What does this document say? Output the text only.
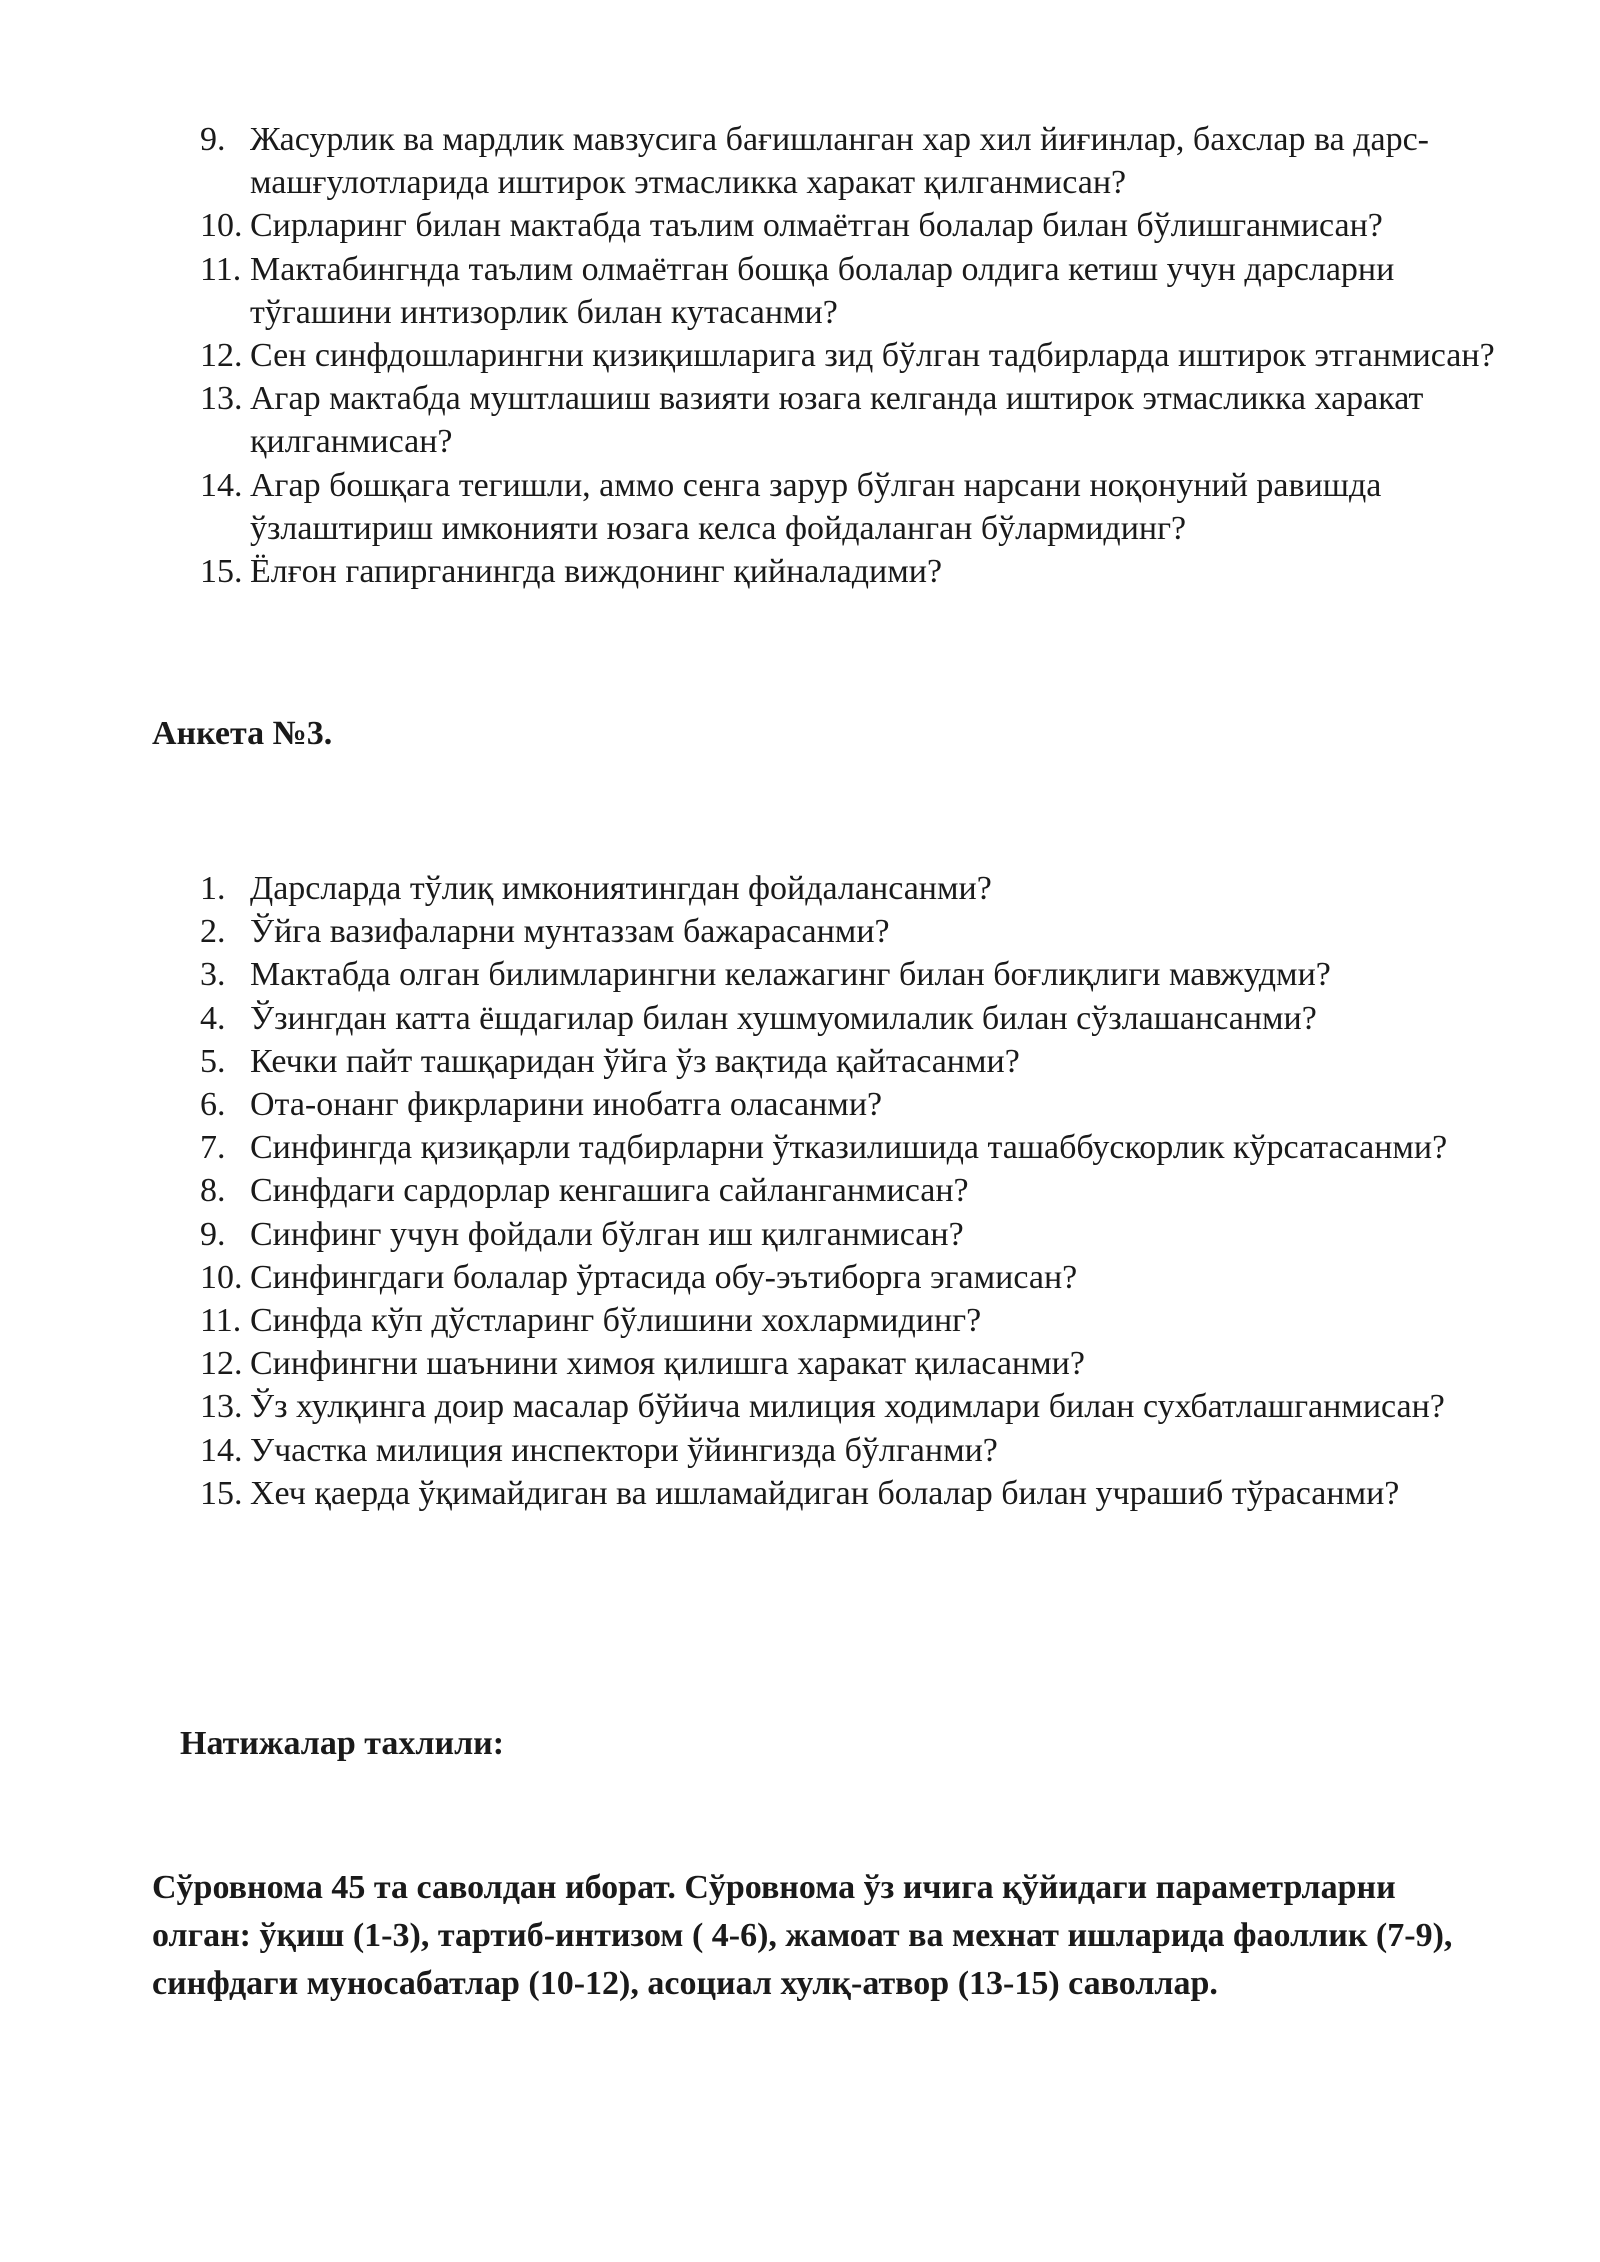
9. Жасурлик ва мардлик мавзусига бағишланган хар хил йиғинлар, бахслар ва дарс-машғулотларида иштирок этмасликка харакат қилганмисан?
10. Сирларинг билан мактабда таълим олмаётган болалар билан бўлишганмисан?
11. Мактабингнда таълим олмаётган бошқа болалар олдига кетиш учун дарсларни тўгашини интизорлик билан кутасанми?
12. Сен синфдошларингни қизиқишларига зид бўлган тадбирларда иштирок этганмисан?
13. Агар мактабда муштлашиш вазияти юзага келганда иштирок этмасликка харакат қилганмисан?
14. Агар бошқага тегишли, аммо сенга зарур бўлган нарсани ноқонуний равишда ўзлаштириш имконияти юзага келса фойдаланган бўлармидинг?
15. Ёлғон гапирганингда виждонинг қийналадими?
Анкета №3.
1. Дарсларда тўлиқ имкониятингдан фойдалансанми?
2. Ўйга вазифаларни мунтаззам бажарасанми?
3. Мактабда олган билимларингни келажагинг билан боғлиқлиги мавжудми?
4. Ўзингдан катта ёшдагилар билан хушмуомилалик билан сўзлашансанми?
5. Кечки пайт ташқаридан ўйга ўз вақтида қайтасанми?
6. Ота-онанг фикрларини инобатга оласанми?
7. Синфингда қизиқарли тадбирларни ўтказилишида ташаббускорлик кўрсатасанми?
8. Синфдаги сардорлар кенгашига сайланганмисан?
9. Синфинг учун фойдали бўлган иш қилганмисан?
10. Синфингдаги болалар ўртасида обу-эътиборга эгамисан?
11. Синфда кўп дўстларинг бўлишини хохлармидинг?
12. Синфингни шаънини химоя қилишга харакат қиласанми?
13. Ўз хулқинга доир масалар бўйича милиция ходимлари билан сухбатлашганмисан?
14. Участка милиция инспектори ўйингизда бўлганми?
15. Хеч қаерда ўқимайдиган ва ишламайдиган болалар билан учрашиб тўрасанми?
Натижалар тахлили:
Сўровнома 45 та саволдан иборат. Сўровнома ўз ичига қўйидаги параметрларни олган: ўқиш (1-3), тартиб-интизом ( 4-6), жамоат ва мехнат ишларида фаоллик (7-9), синфдаги муносабатлар (10-12), асоциал хулқ-атвор (13-15) саволлар.
